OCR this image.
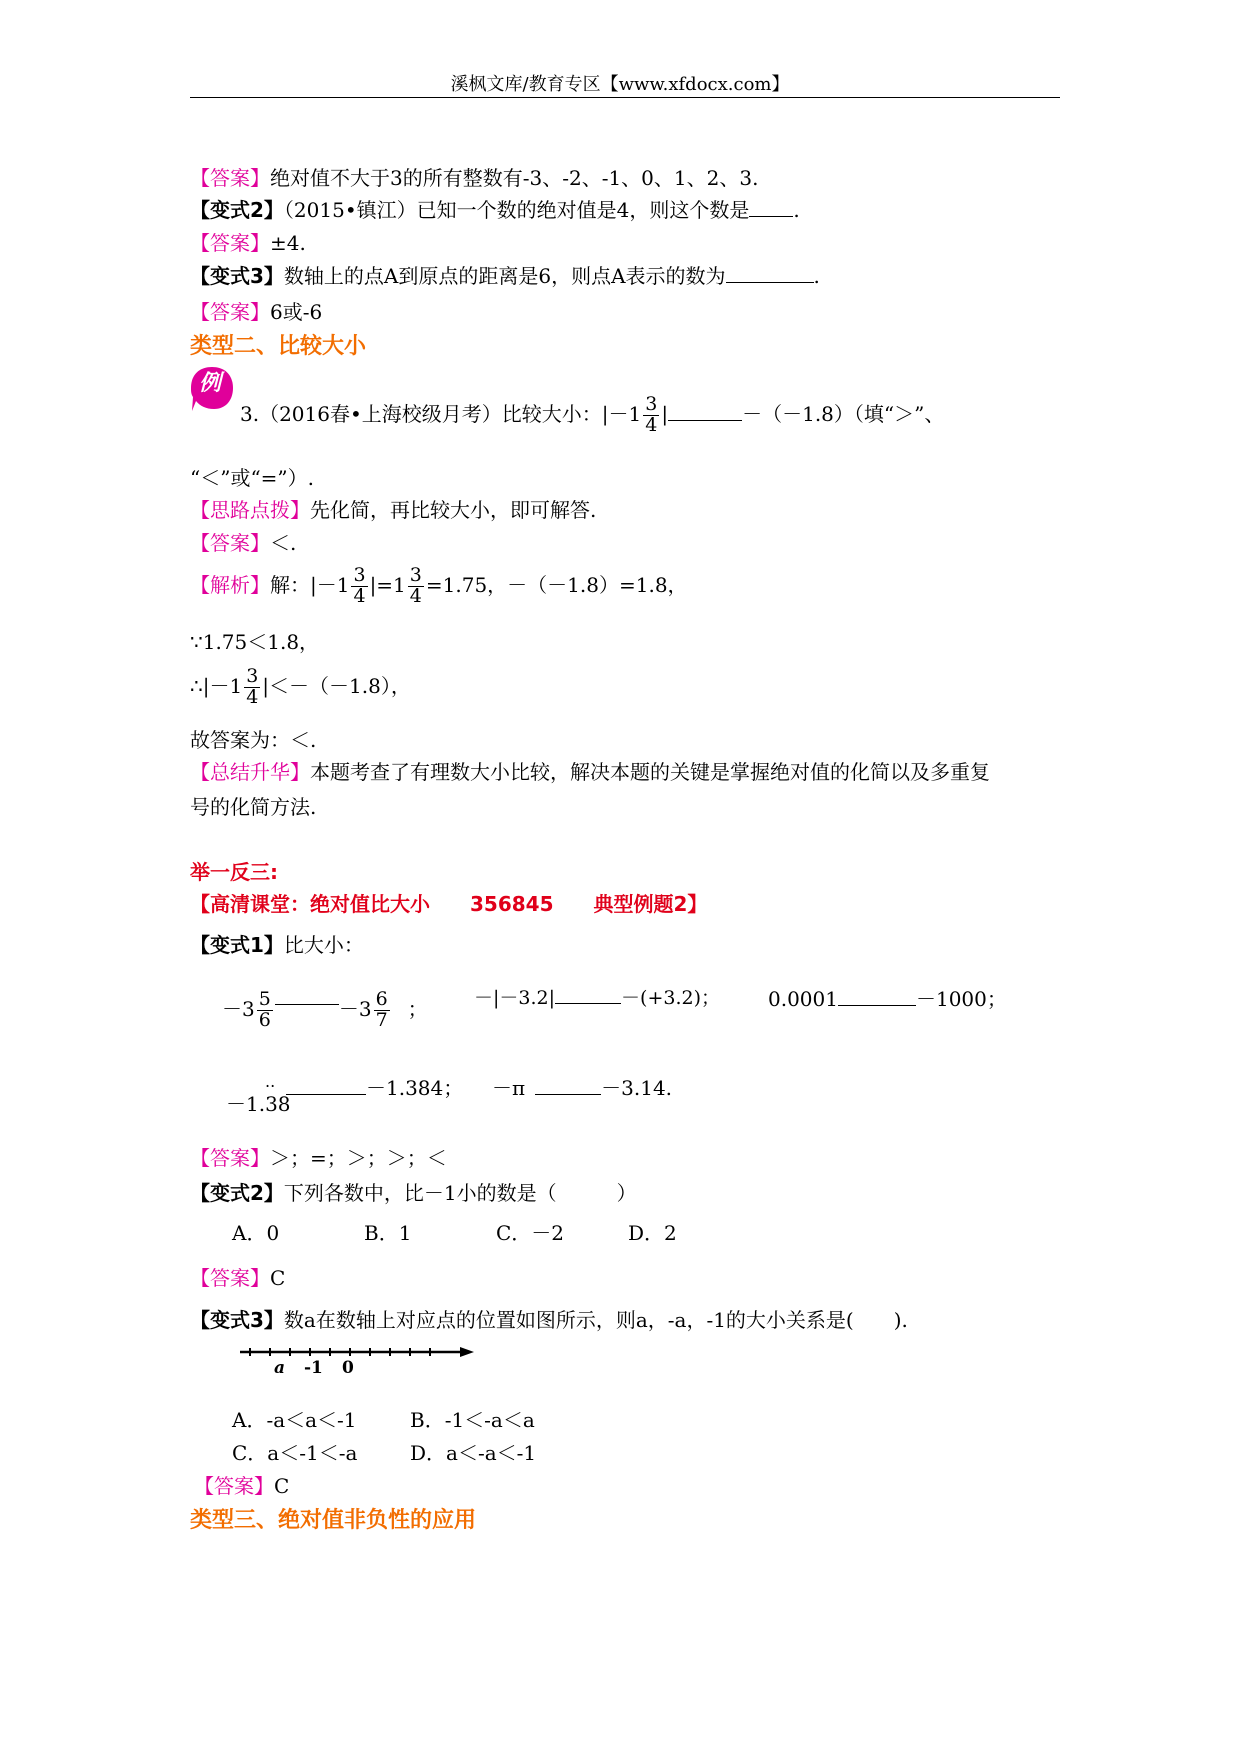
溪枫文库/教育专区【www.xfdocx.com】
【答案】绝对值不大于3的所有整数有-3、-2、-1、0、1、2、3.
【变式2】（2015•镇江）已知一个数的绝对值是4，则这个数是 .
【答案】±4.
【变式3】数轴上的点A到原点的距离是6，则点A表示的数为	.
【答案】6或-6
类型二、比较大小
例
3.（2016春•上海校级月考）比较大小：$|-1 \frac{3}{4}$ |	－（－1.8）（填“＞”、
“＜”或“=”）.
【思路点拨】先化简，再比较大小，即可解答.
【答案】＜.
【解析】解：$|-1 \frac{3}{4} |=1 \frac{3}{4} =1.75$，－（－1.8）=1.8，
∵1.75＜1.8，
∴|－1 $\frac{3}{4} |<-(-1.8)$，
故答案为：＜.
【总结升华】本题考查了有理数大小比较，解决本题的关键是掌握绝对值的化简以及多重复
号的化简方法.
举一反三:
【高清课堂：绝对值比大小　　356845　　典型例题2】
【变式1】比大小：
$-3 \frac{5}{6}$	$-3 \frac{6}{7}$ ； －|－3.2|	－(+3.2)； 0.0001	－1000；
..
－1.38
－1.384； －π	－3.14.
【答案】＞；=；＞；＞；＜
【变式2】下列各数中，比－1小的数是（　　　）
A．0	B．1	C．－2	D．2
【答案】C
【变式3】数a在数轴上对应点的位置如图所示，则a，-a，-1的大小关系是(　　).
a -1 0
A．-a＜a＜-1	B．-1＜-a＜a
C．a＜-1＜-a	D．a＜-a＜-1
【答案】C
类型三、绝对值非负性的应用
